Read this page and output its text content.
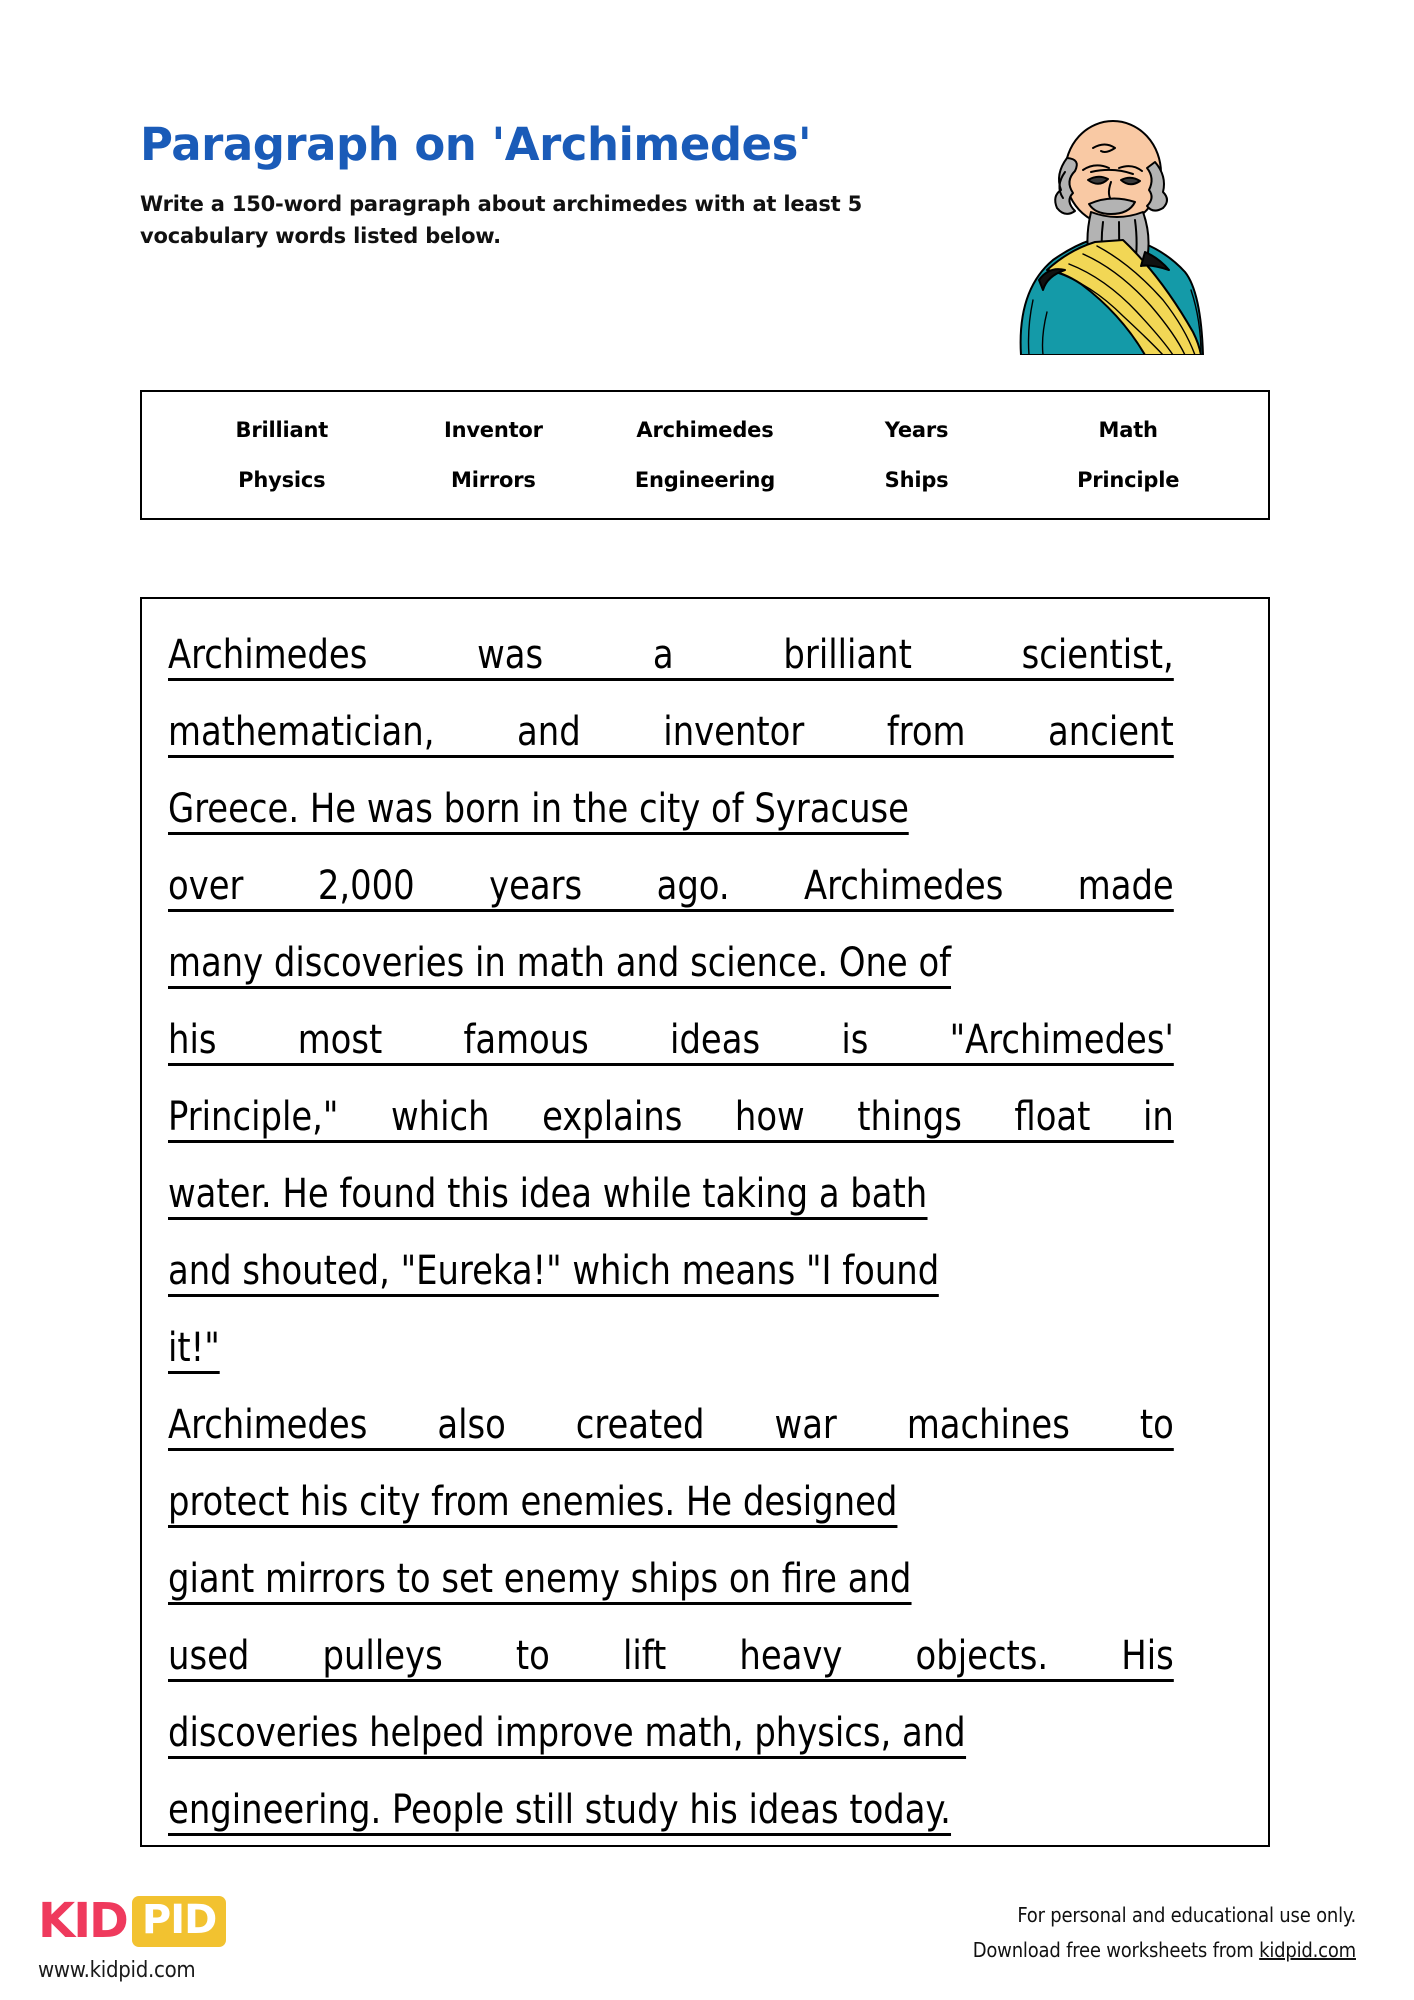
Paragraph on 'Archimedes'
Write a 150-word paragraph about archimedes with at least 5 vocabulary words listed below.
Brilliant	Inventor	Archimedes	Years	Math
Physics	Mirrors	Engineering	Ships	Principle
Archimedes	was	a	brilliant	scientist,
mathematician, and inventor from ancient
Greece. He was born in the city of Syracuse
over 2,000 years ago. Archimedes made
many discoveries in math and science. One of
his most famous ideas is "Archimedes'
Principle," which explains how things float in
water. He found this idea while taking a bath
and shouted, "Eureka!" which means "I found
it!"
Archimedes also created war machines to
protect his city from enemies. He designed
giant mirrors to set enemy ships on fire and
used pulleys to lift heavy objects. His
discoveries helped improve math, physics, and
engineering. People still study his ideas today.
KID PID
www.kidpid.com
For personal and educational use only.
Download free worksheets from kidpid.com
